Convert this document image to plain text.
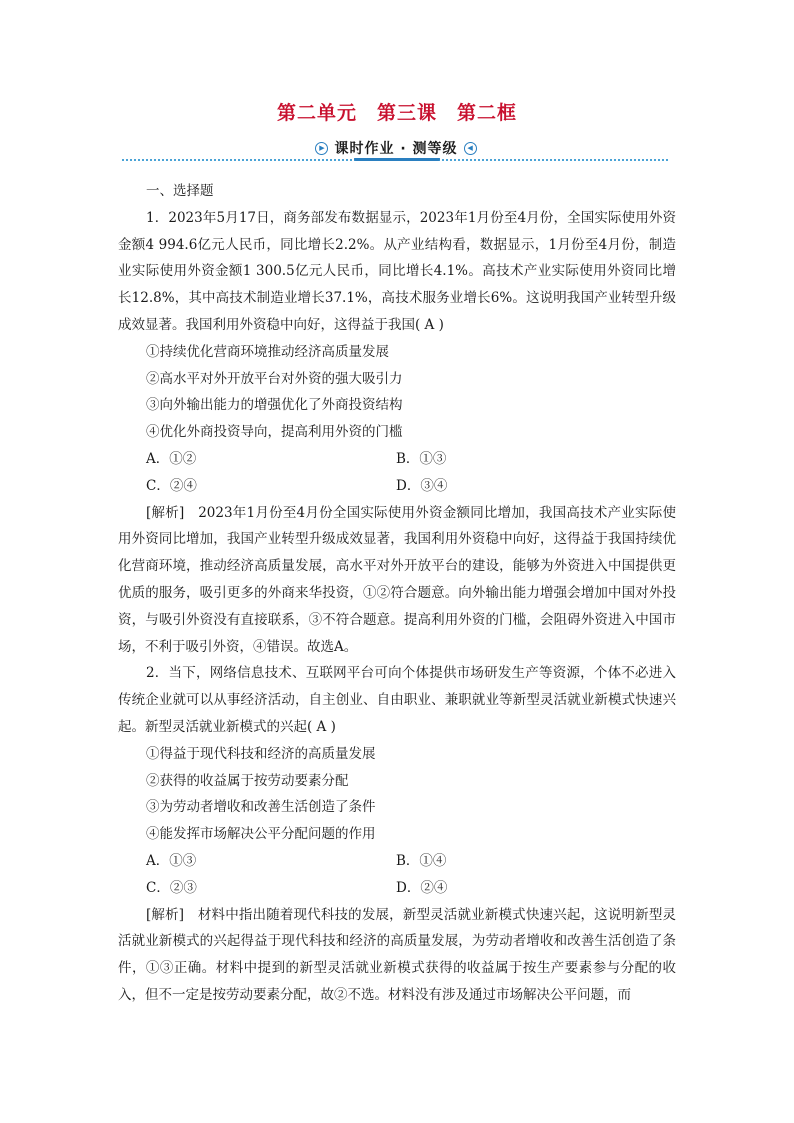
第二单元　第三课　第二框
▶ 课时作业 · 测等级	◀

一、选择题

1．2023年5月17日，商务部发布数据显示，2023年1月份至4月份，全国实际使用外资金额4 994.6亿元人民币，同比增长2.2%。从产业结构看，数据显示，1月份至4月份，制造业实际使用外资金额1 300.5亿元人民币，同比增长4.1%。高技术产业实际使用外资同比增长12.8%，其中高技术制造业增长37.1%，高技术服务业增长6%。这说明我国产业转型升级成效显著。我国利用外资稳中向好，这得益于我国( A )

①持续优化营商环境推动经济高质量发展

②高水平对外开放平台对外资的强大吸引力

③向外输出能力的增强优化了外商投资结构

④优化外商投资导向，提高利用外资的门槛

A．①②	B．①③
C．②④	D．③④

[解析]　2023年1月份至4月份全国实际使用外资金额同比增加，我国高技术产业实际使用外资同比增加，我国产业转型升级成效显著，我国利用外资稳中向好，这得益于我国持续优化营商环境，推动经济高质量发展，高水平对外开放平台的建设，能够为外资进入中国提供更优质的服务，吸引更多的外商来华投资，①②符合题意。向外输出能力增强会增加中国对外投资，与吸引外资没有直接联系，③不符合题意。提高利用外资的门槛，会阻碍外资进入中国市场，不利于吸引外资，④错误。故选A。

2．当下，网络信息技术、互联网平台可向个体提供市场研发生产等资源，个体不必进入传统企业就可以从事经济活动，自主创业、自由职业、兼职就业等新型灵活就业新模式快速兴起。新型灵活就业新模式的兴起( A )

①得益于现代科技和经济的高质量发展

②获得的收益属于按劳动要素分配

③为劳动者增收和改善生活创造了条件

④能发挥市场解决公平分配问题的作用

A．①③	B．①④
C．②③	D．②④

[解析]　材料中指出随着现代科技的发展，新型灵活就业新模式快速兴起，这说明新型灵活就业新模式的兴起得益于现代科技和经济的高质量发展，为劳动者增收和改善生活创造了条件，①③正确。材料中提到的新型灵活就业新模式获得的收益属于按生产要素参与分配的收入，但不一定是按劳动要素分配，故②不选。材料没有涉及通过市场解决公平问题，而
